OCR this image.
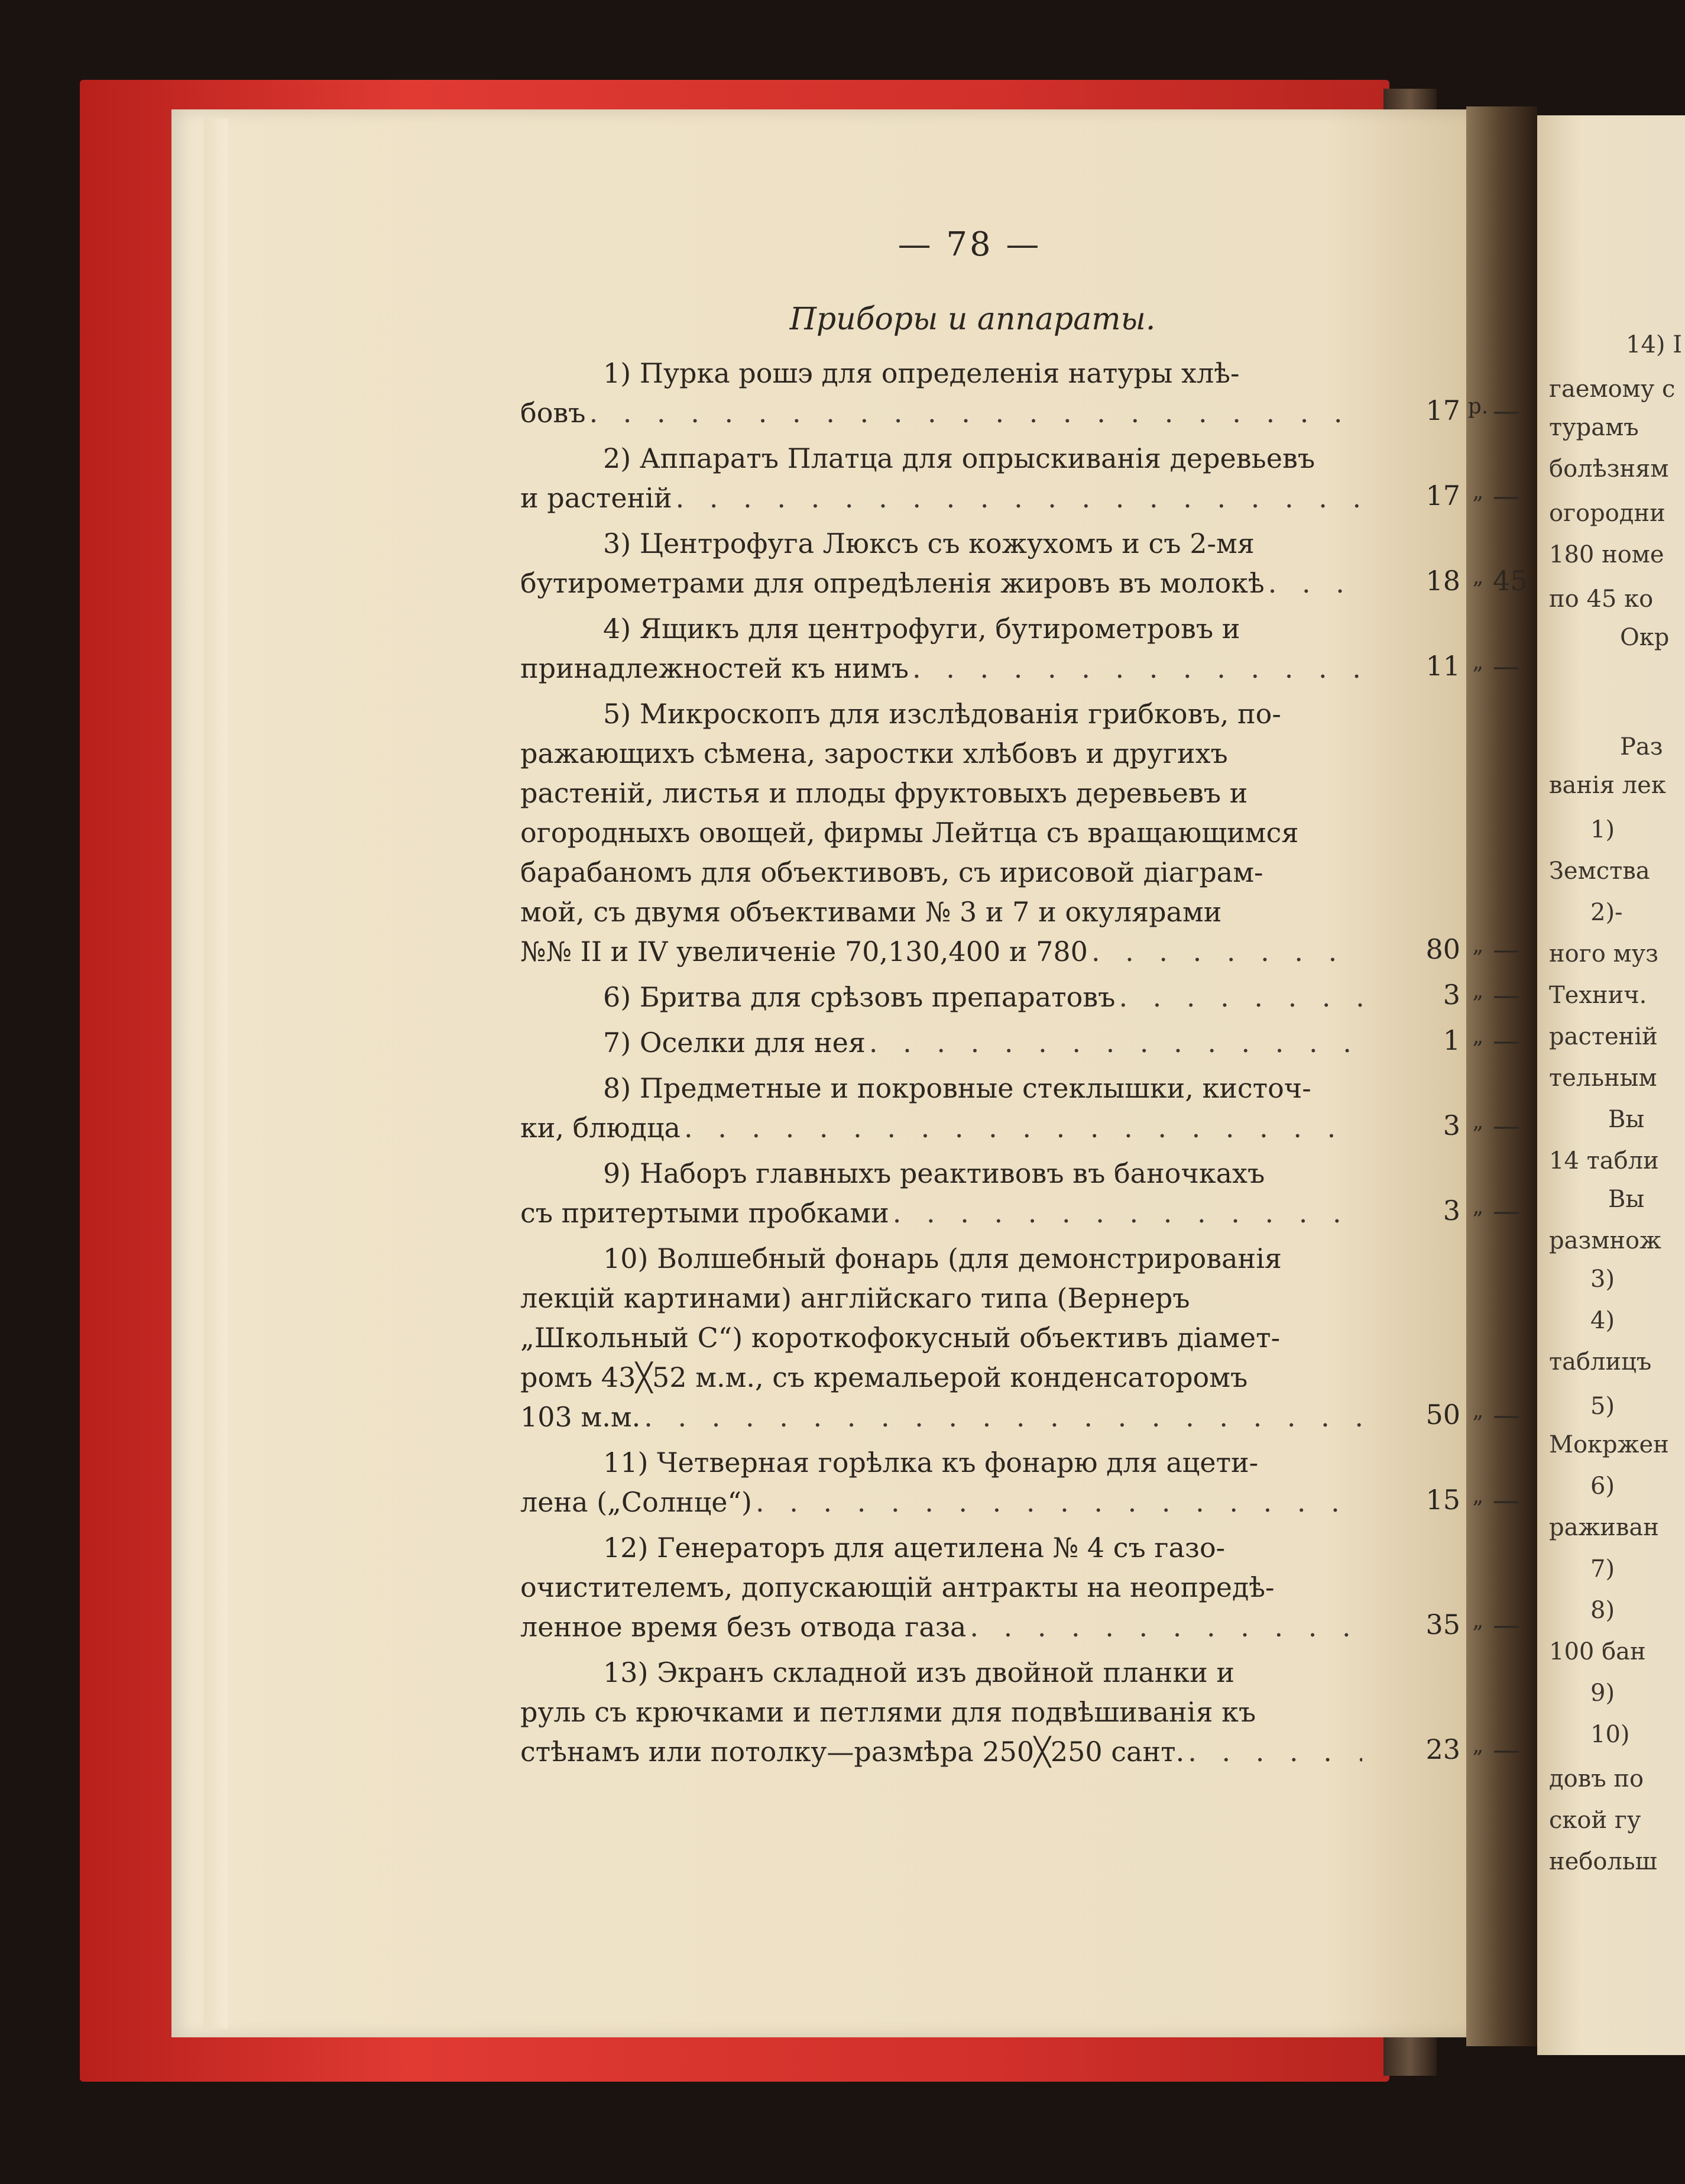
14) I
гаемому с
турамъ
болѣзням
огородни
180 номе
по 45 ко
Окр
Раз
ванія лек
1)
Земства
2)-
ного муз
Технич.
растеній
тельным
Вы
14 табли
Вы
размнож
3)
4)
таблицъ
5)
Мокржен
6)
раживан
7)
8)
100 бан
9)
10)
довъ по
ской гу
небольш
— 78 —
Приборы и аппараты.
1) Пурка рошэ для определенія натуры хлѣ-
бовъ
. . .
2) Аппаратъ Платца для опрыскиванія деревьевъ
и растеній
. . .
3) Центрофуга Люксъ съ кожухомъ и съ 2-мя
бутирометрами для опредѣленія жировъ въ молокѣ
. . .
4) Ящикъ для центрофуги, бутирометровъ и
принадлежностей къ нимъ
. . .
5) Микроскопъ для изслѣдованія грибковъ, по-
ражающихъ сѣмена, заростки хлѣбовъ и другихъ
растеній, листья и плоды фруктовыхъ деревьевъ и
огородныхъ овощей, фирмы Лейтца съ вращающимся
барабаномъ для объективовъ, съ ирисовой діаграм-
мой, съ двумя объективами № 3 и 7 и окулярами
№№ II и IV увеличеніе 70,130,400 и 780
. . .
6) Бритва для срѣзовъ препаратовъ
. . .
7) Оселки для нея
. . .
8) Предметные и покровные стеклышки, кисточ-
ки, блюдца
. . .
9) Наборъ главныхъ реактивовъ въ баночкахъ
съ притертыми пробками
. . .
10) Волшебный фонарь (для демонстрированія
лекцій картинами) англійскаго типа (Вернеръ
„Школьный С“) короткофокусный объективъ діамет-
ромъ 43╳52 м.м., съ кремальерой конденсаторомъ
103 м.м.
. . .
11) Четверная горѣлка къ фонарю для ацети-
лена („Солнце“)
. . .
12) Генераторъ для ацетилена № 4 съ газо-
очистителемъ, допускающій антракты на неопредѣ-
ленное время безъ отвода газа
. . .
13) Экранъ складной изъ двойной планки и
руль съ крючками и петлями для подвѣшиванія къ
стѣнамъ или потолку—размѣра 250╳250 сант.
. . .
17 р. —
17 „ —
18 „ 45
11 „ —
80 „ —
3 „ —
1 „ —
3 „ —
3 „ —
50 „ —
15 „ —
35 „ —
23 „ —
